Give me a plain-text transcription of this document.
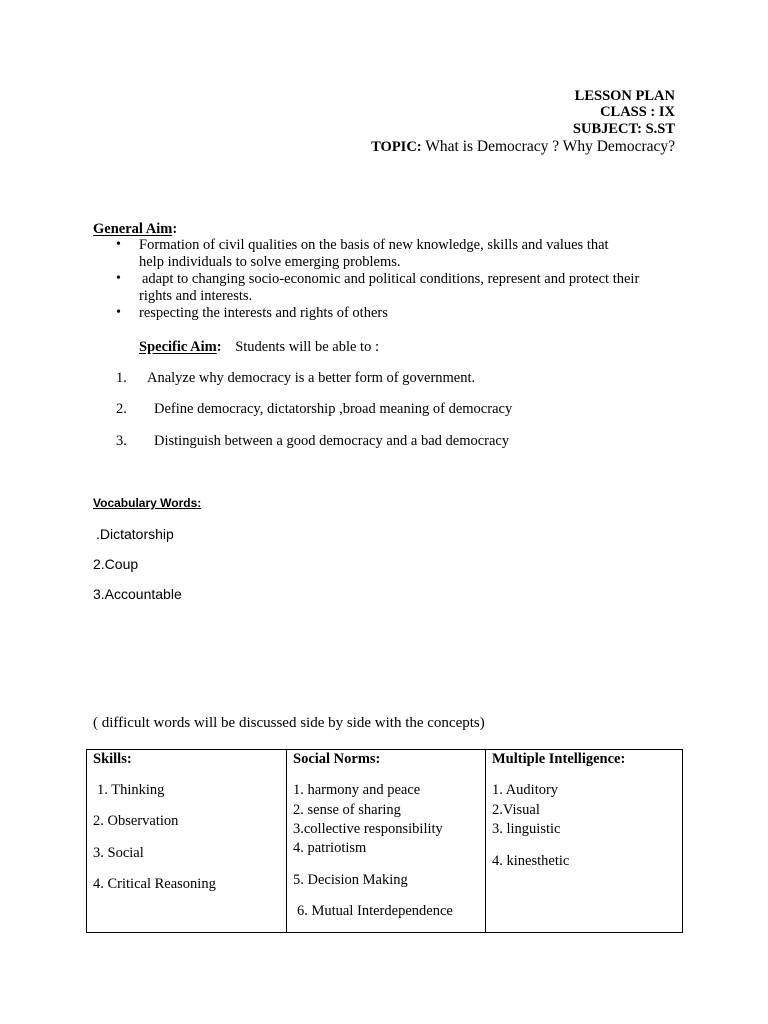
LESSON PLAN
CLASS : IX
SUBJECT: S.ST
TOPIC: What is Democracy ? Why Democracy?
General Aim:
• Formation of civil qualities on the basis of new knowledge, skills and values that
help individuals to solve emerging problems.
• adapt to changing socio-economic and political conditions, represent and protect their
rights and interests.
• respecting the interests and rights of others
Specific Aim: Students will be able to :
1. Analyze why democracy is a better form of government.
2. Define democracy, dictatorship ,broad meaning of democracy
3. Distinguish between a good democracy and a bad democracy
Vocabulary Words:
.Dictatorship
2.Coup
3.Accountable
( difficult words will be discussed side by side with the concepts)
Skills:
1. Thinking
2. Observation
3. Social
4. Critical Reasoning

Social Norms:
1. harmony and peace
2. sense of sharing
3.collective responsibility
4. patriotism
5. Decision Making
6. Mutual Interdependence

Multiple Intelligence:
1. Auditory
2.Visual
3. linguistic
4. kinesthetic
